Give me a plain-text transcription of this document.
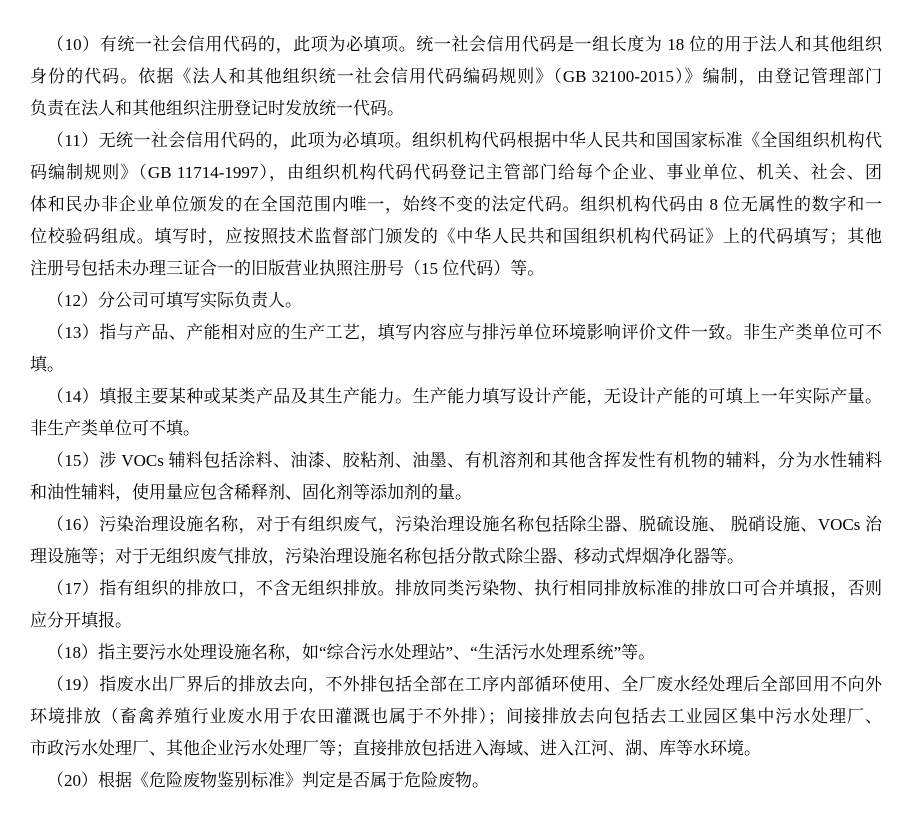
（10）有统一社会信用代码的，此项为必填项。统一社会信用代码是一组长度为 18 位的用于法人和其他组织
身份的代码。依据《法人和其他组织统一社会信用代码编码规则》（GB 32100-2015）》编制，由登记管理部门
负责在法人和其他组织注册登记时发放统一代码。
（11）无统一社会信用代码的，此项为必填项。组织机构代码根据中华人民共和国国家标准《全国组织机构代
码编制规则》（GB 11714-1997），由组织机构代码代码登记主管部门给每个企业、事业单位、机关、社会、团
体和民办非企业单位颁发的在全国范围内唯一，始终不变的法定代码。组织机构代码由 8 位无属性的数字和一
位校验码组成。填写时，应按照技术监督部门颁发的《中华人民共和国组织机构代码证》上的代码填写；其他
注册号包括未办理三证合一的旧版营业执照注册号（15 位代码）等。
（12）分公司可填写实际负责人。
（13）指与产品、产能相对应的生产工艺，填写内容应与排污单位环境影响评价文件一致。非生产类单位可不
填。
（14）填报主要某种或某类产品及其生产能力。生产能力填写设计产能，无设计产能的可填上一年实际产量。
非生产类单位可不填。
（15）涉 VOCs 辅料包括涂料、油漆、胶粘剂、油墨、有机溶剂和其他含挥发性有机物的辅料，分为水性辅料
和油性辅料，使用量应包含稀释剂、固化剂等添加剂的量。
（16）污染治理设施名称，对于有组织废气，污染治理设施名称包括除尘器、脱硫设施、 脱硝设施、VOCs 治
理设施等；对于无组织废气排放，污染治理设施名称包括分散式除尘器、移动式焊烟净化器等。
（17）指有组织的排放口，不含无组织排放。排放同类污染物、执行相同排放标准的排放口可合并填报，否则
应分开填报。
（18）指主要污水处理设施名称，如“综合污水处理站”、“生活污水处理系统”等。
（19）指废水出厂界后的排放去向，不外排包括全部在工序内部循环使用、全厂废水经处理后全部回用不向外
环境排放（畜禽养殖行业废水用于农田灌溉也属于不外排）；间接排放去向包括去工业园区集中污水处理厂、
市政污水处理厂、其他企业污水处理厂等；直接排放包括进入海域、进入江河、湖、库等水环境。
（20）根据《危险废物鉴别标准》判定是否属于危险废物。
